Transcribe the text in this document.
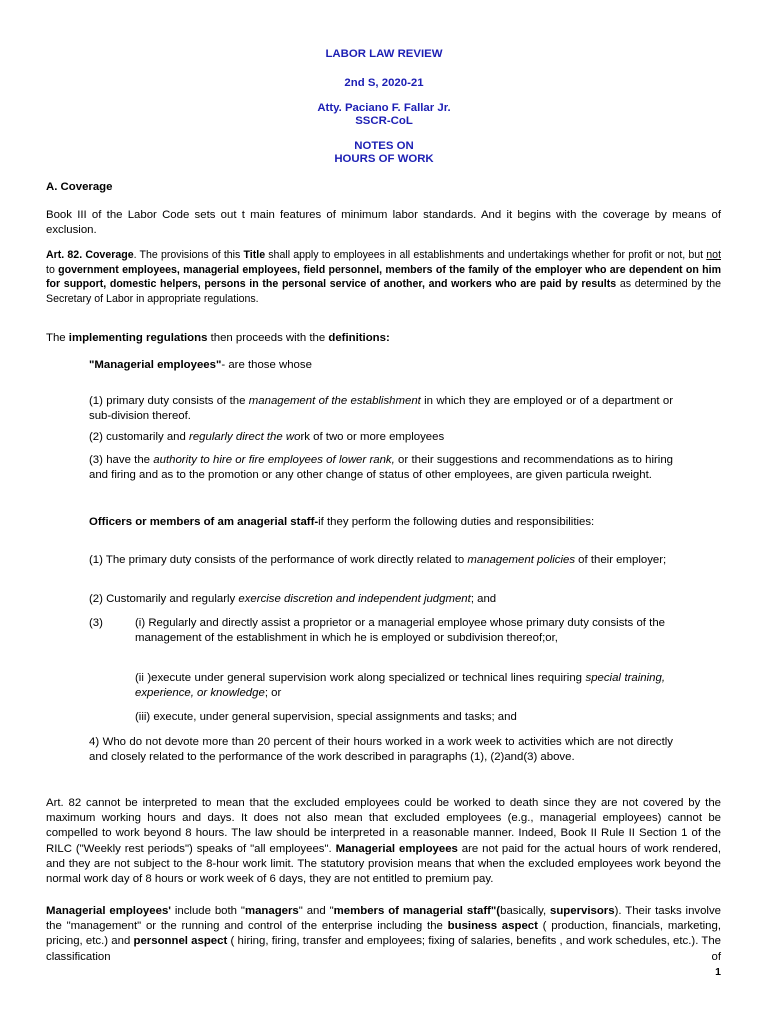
LABOR LAW REVIEW
2nd S, 2020-21
Atty. Paciano F. Fallar Jr.
SSCR-CoL
NOTES ON
HOURS OF WORK
A. Coverage
Book III of the Labor Code sets out t main features of minimum labor standards. And it begins with the coverage by means of exclusion.
Art. 82. Coverage. The provisions of this Title shall apply to employees in all establishments and undertakings whether for profit or not, but not to government employees, managerial employees, field personnel, members of the family of the employer who are dependent on him for support, domestic helpers, persons in the personal service of another, and workers who are paid by results as determined by the Secretary of Labor in appropriate regulations.
The implementing regulations then proceeds with the definitions:
"Managerial employees"- are those whose
(1) primary duty consists of the management of the establishment in which they are employed or of a department or sub-division thereof.
(2) customarily and regularly direct the work of two or more employees
(3) have the authority to hire or fire employees of lower rank, or their suggestions and recommendations as to hiring and firing and as to the promotion or any other change of status of other employees, are given particula rweight.
Officers or members of am anagerial staff-if they perform the following duties and responsibilities:
(1) The primary duty consists of the performance of work directly related to management policies of their employer;
(2) Customarily and regularly exercise discretion and independent judgment; and
(3)	(i) Regularly and directly assist a proprietor or a managerial employee whose primary duty consists of the management of the establishment in which he is employed or subdivision thereof;or,
(ii )execute under general supervision work along specialized or technical lines requiring special training, experience, or knowledge; or
(iii) execute, under general supervision, special assignments and tasks; and
4) Who do not devote more than 20 percent of their hours worked in a work week to activities which are not directly and closely related to the performance of the work described in paragraphs (1), (2)and(3) above.
Art. 82 cannot be interpreted to mean that the excluded employees could be worked to death since they are not covered by the maximum working hours and days. It does not also mean that excluded employees (e.g., managerial employees) cannot be compelled to work beyond 8 hours. The law should be interpreted in a reasonable manner. Indeed, Book II Rule II Section 1 of the RILC ("Weekly rest periods") speaks of "all employees". Managerial employees are not paid for the actual hours of work rendered, and they are not subject to the 8-hour work limit. The statutory provision means that when the excluded employees work beyond the normal work day of 8 hours or work week of 6 days, they are not entitled to premium pay.
Managerial employees' include both "managers" and "members of managerial staff"(basically, supervisors). Their tasks involve the "management" or the running and control of the enterprise including the business aspect ( production, financials, marketing, pricing, etc.) and personnel aspect ( hiring, firing, transfer and employees; fixing of salaries, benefits , and work schedules, etc.). The classification of
1
